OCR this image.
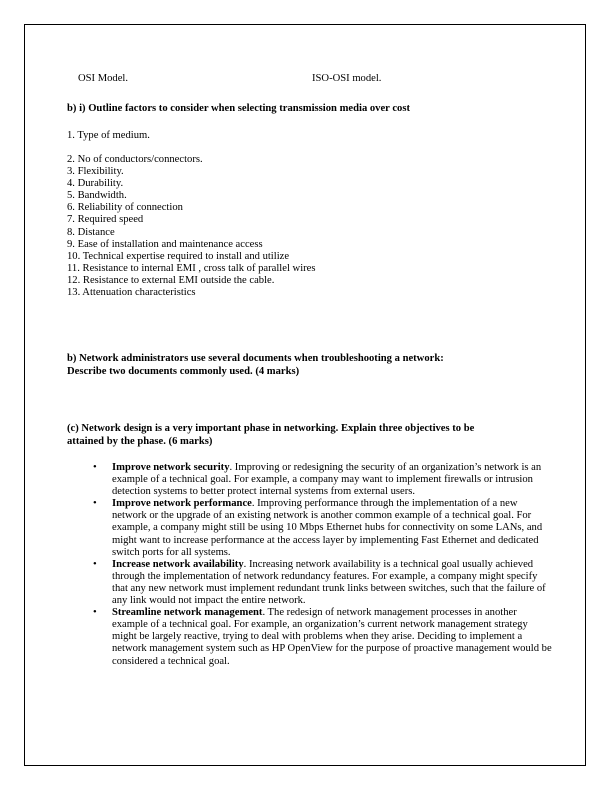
OSI Model.	ISO-OSI model.
b) i) Outline factors to consider when selecting transmission media over cost
1. Type of medium.
2. No of conductors/connectors.
3. Flexibility.
4. Durability.
5. Bandwidth.
6. Reliability of connection
7. Required speed
8. Distance
9. Ease of installation and maintenance access
10. Technical expertise required to install and utilize
11. Resistance to internal EMI , cross talk of parallel wires
12. Resistance to external EMI outside the cable.
13. Attenuation characteristics
b) Network administrators use several documents when troubleshooting a network:
Describe two documents commonly used. (4 marks)
(c) Network design is a very important phase in networking. Explain three objectives to be
attained by the phase. (6 marks)
• Improve network security. Improving or redesigning the security of an organization’s network is an example of a technical goal. For example, a company may want to implement firewalls or intrusion detection systems to better protect internal systems from external users.
• Improve network performance. Improving performance through the implementation of a new network or the upgrade of an existing network is another common example of a technical goal. For example, a company might still be using 10 Mbps Ethernet hubs for connectivity on some LANs, and might want to increase performance at the access layer by implementing Fast Ethernet and dedicated switch ports for all systems.
• Increase network availability. Increasing network availability is a technical goal usually achieved through the implementation of network redundancy features. For example, a company might specify that any new network must implement redundant trunk links between switches, such that the failure of any link would not impact the entire network.
• Streamline network management. The redesign of network management processes in another example of a technical goal. For example, an organization’s current network management strategy might be largely reactive, trying to deal with problems when they arise. Deciding to implement a network management system such as HP OpenView for the purpose of proactive management would be considered a technical goal.
